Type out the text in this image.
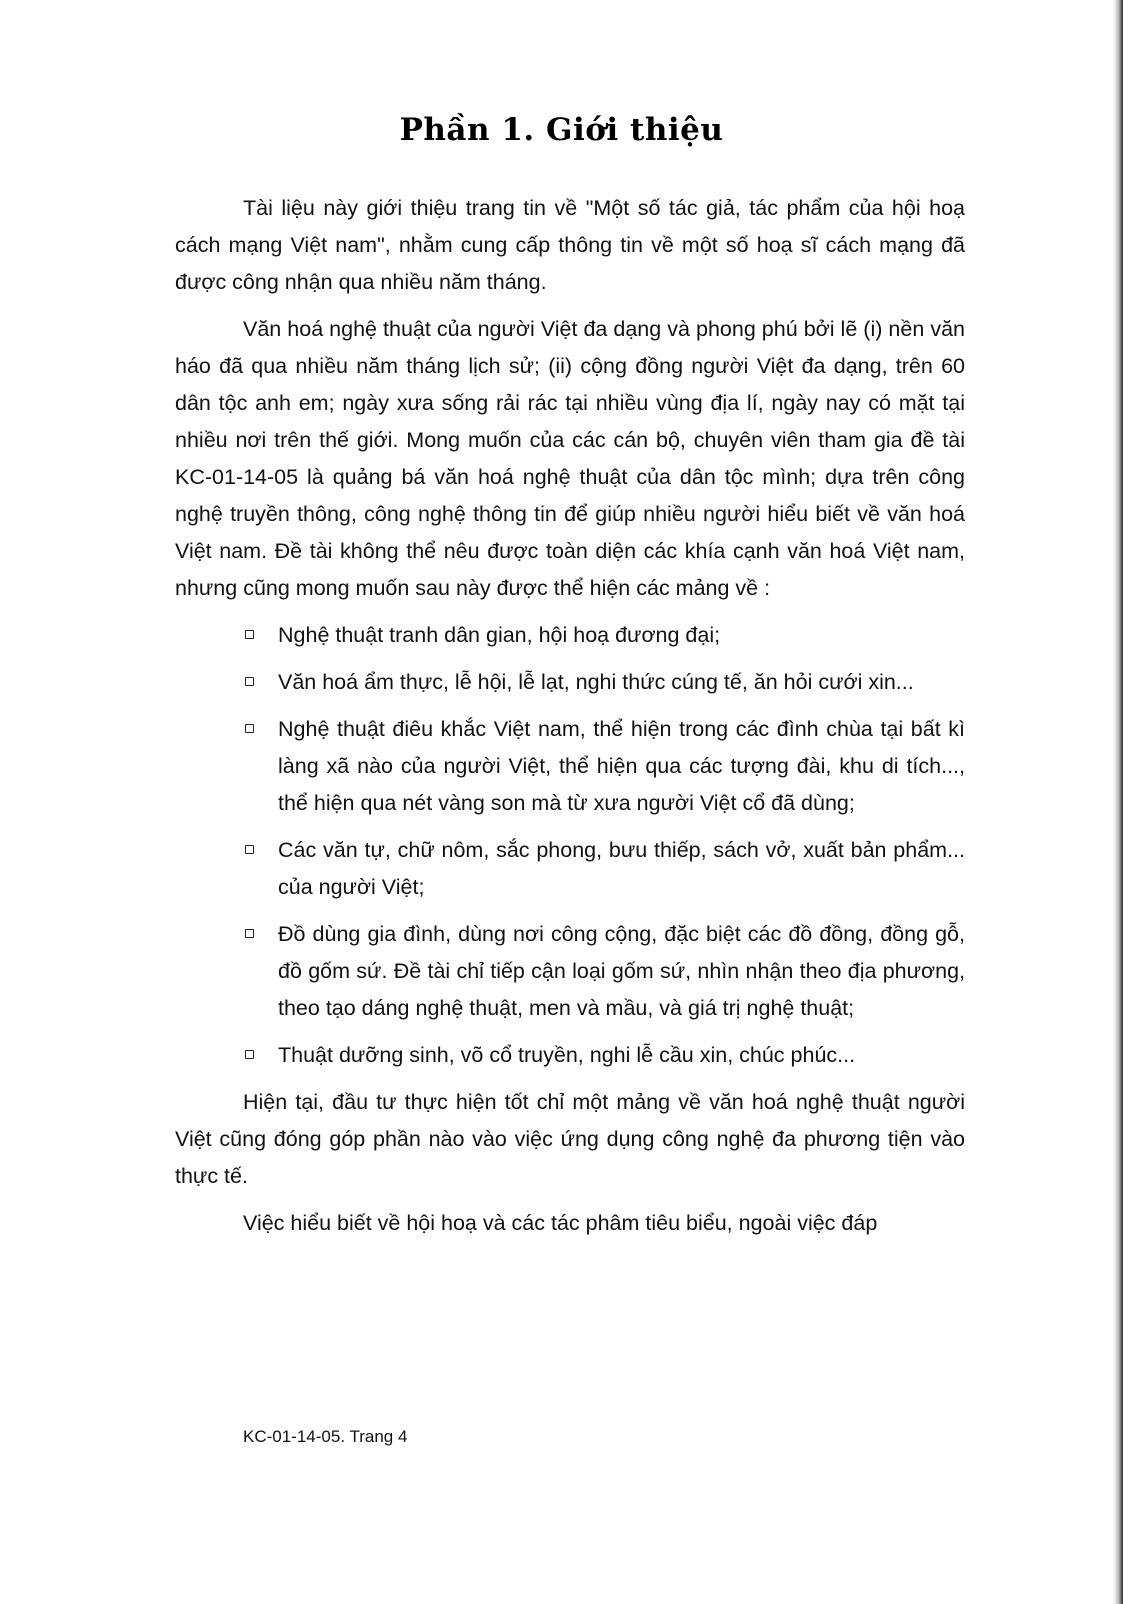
Phần 1. Giới thiệu

Tài liệu này giới thiệu trang tin về "Một số tác giả, tác phẩm của hội hoạ cách mạng Việt nam", nhằm cung cấp thông tin về một số hoạ sĩ cách mạng đã được công nhận qua nhiều năm tháng.

Văn hoá nghệ thuật của người Việt đa dạng và phong phú bởi lẽ (i) nền văn háo đã qua nhiều năm tháng lịch sử; (ii) cộng đồng người Việt đa dạng, trên 60 dân tộc anh em; ngày xưa sống rải rác tại nhiều vùng địa lí, ngày nay có mặt tại nhiều nơi trên thế giới. Mong muốn của các cán bộ, chuyên viên tham gia đề tài KC-01-14-05 là quảng bá văn hoá nghệ thuật của dân tộc mình; dựa trên công nghệ truyền thông, công nghệ thông tin để giúp nhiều người hiểu biết về văn hoá Việt nam. Đề tài không thể nêu được toàn diện các khía cạnh văn hoá Việt nam, nhưng cũng mong muốn sau này được thể hiện các mảng về :

Nghệ thuật tranh dân gian, hội hoạ đương đại;
Văn hoá ẩm thực, lễ hội, lễ lạt, nghi thức cúng tế, ăn hỏi cưới xin...
Nghệ thuật điêu khắc Việt nam, thể hiện trong các đình chùa tại bất kì làng xã nào của người Việt, thể hiện qua các tượng đài, khu di tích..., thể hiện qua nét vàng son mà từ xưa người Việt cổ đã dùng;
Các văn tự, chữ nôm, sắc phong, bưu thiếp, sách vở, xuất bản phẩm... của người Việt;
Đồ dùng gia đình, dùng nơi công cộng, đặc biệt các đồ đồng, đồng gỗ, đồ gốm sứ. Đề tài chỉ tiếp cận loại gốm sứ, nhìn nhận theo địa phương, theo tạo dáng nghệ thuật, men và mầu, và giá trị nghệ thuật;
Thuật dưỡng sinh, võ cổ truyền, nghi lễ cầu xin, chúc phúc...

Hiện tại, đầu tư thực hiện tốt chỉ một mảng về văn hoá nghệ thuật người Việt cũng đóng góp phần nào vào việc ứng dụng công nghệ đa phương tiện vào thực tế.

Việc hiểu biết về hội hoạ và các tác phâm tiêu biểu, ngoài việc đáp

KC-01-14-05. Trang 4
